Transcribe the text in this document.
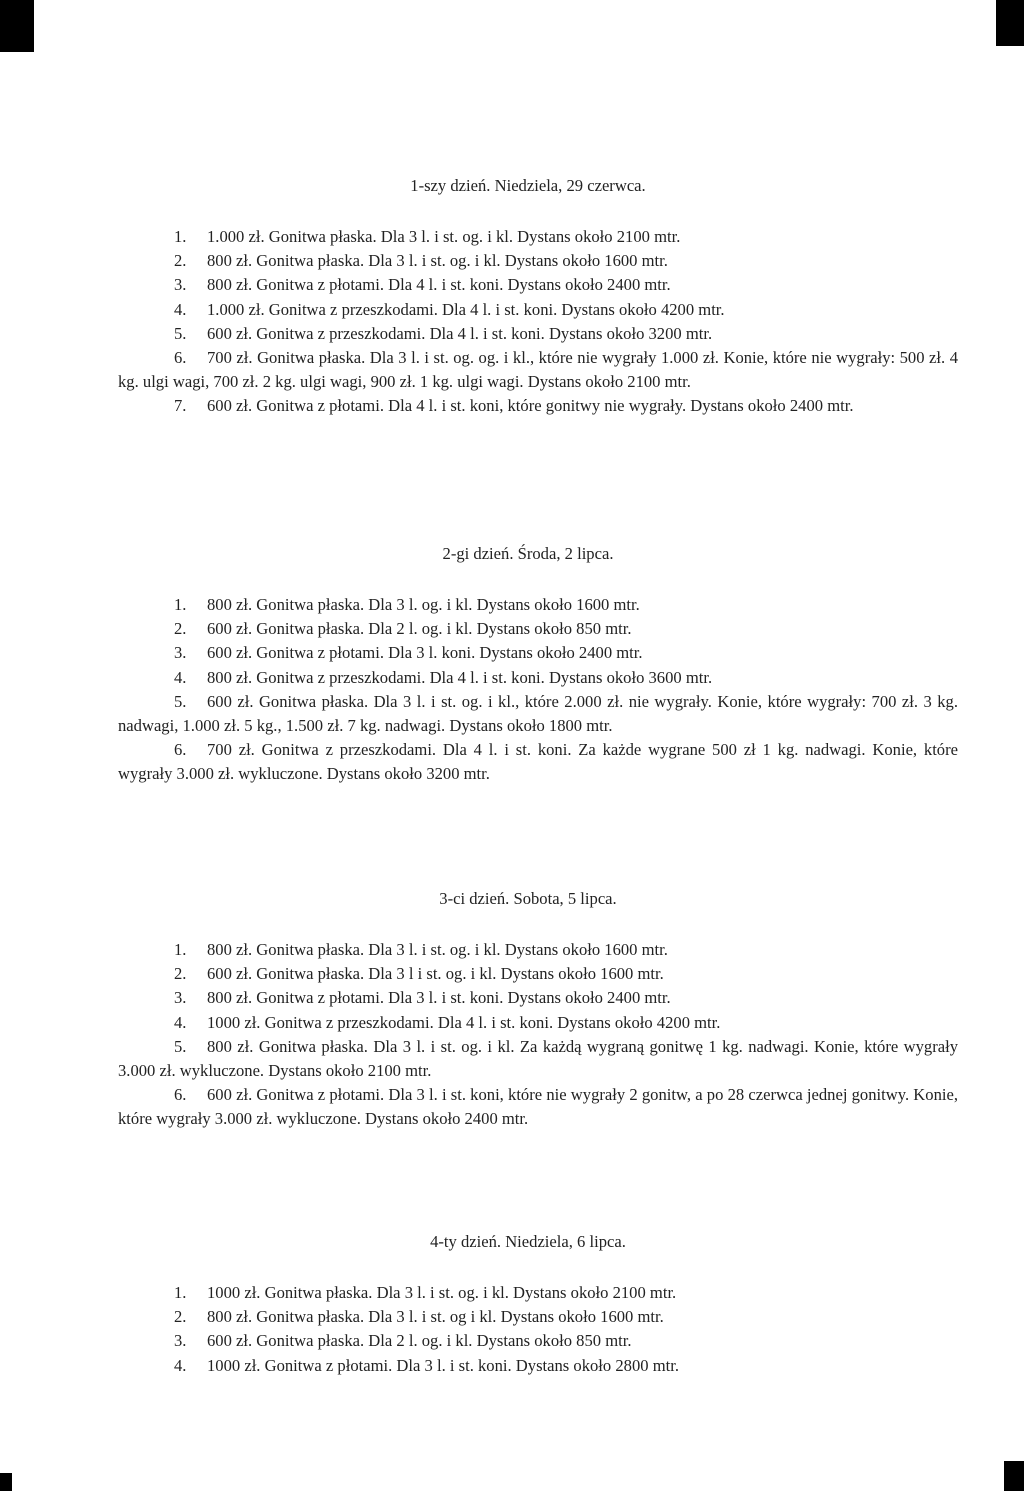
1-szy dzień. Niedziela, 29 czerwca.
1. 1.000 zł. Gonitwa płaska. Dla 3 l. i st. og. i kl. Dystans około 2100 mtr.
2. 800 zł. Gonitwa płaska. Dla 3 l. i st. og. i kl. Dystans około 1600 mtr.
3. 800 zł. Gonitwa z płotami. Dla 4 l. i st. koni. Dystans około 2400 mtr.
4. 1.000 zł. Gonitwa z przeszkodami. Dla 4 l. i st. koni. Dystans około 4200 mtr.
5. 600 zł. Gonitwa z przeszkodami. Dla 4 l. i st. koni. Dystans około 3200 mtr.
6. 700 zł. Gonitwa płaska. Dla 3 l. i st. og. og. i kl., które nie wygrały 1.000 zł. Konie, które nie wygrały: 500 zł. 4 kg. ulgi wagi, 700 zł. 2 kg. ulgi wagi, 900 zł. 1 kg. ulgi wagi. Dystans około 2100 mtr.
7. 600 zł. Gonitwa z płotami. Dla 4 l. i st. koni, które gonitwy nie wygrały. Dystans około 2400 mtr.
2-gi dzień. Środa, 2 lipca.
1. 800 zł. Gonitwa płaska. Dla 3 l. og. i kl. Dystans około 1600 mtr.
2. 600 zł. Gonitwa płaska. Dla 2 l. og. i kl. Dystans około 850 mtr.
3. 600 zł. Gonitwa z płotami. Dla 3 l. koni. Dystans około 2400 mtr.
4. 800 zł. Gonitwa z przeszkodami. Dla 4 l. i st. koni. Dystans około 3600 mtr.
5. 600 zł. Gonitwa płaska. Dla 3 l. i st. og. i kl., które 2.000 zł. nie wygrały. Konie, które wygrały: 700 zł. 3 kg. nadwagi, 1.000 zł. 5 kg., 1.500 zł. 7 kg. nadwagi. Dystans około 1800 mtr.
6. 700 zł. Gonitwa z przeszkodami. Dla 4 l. i st. koni. Za każde wygrane 500 zł 1 kg. nadwagi. Konie, które wygrały 3.000 zł. wykluczone. Dystans około 3200 mtr.
3-ci dzień. Sobota, 5 lipca.
1. 800 zł. Gonitwa płaska. Dla 3 l. i st. og. i kl. Dystans około 1600 mtr.
2. 600 zł. Gonitwa płaska. Dla 3 l i st. og. i kl. Dystans około 1600 mtr.
3. 800 zł. Gonitwa z płotami. Dla 3 l. i st. koni. Dystans około 2400 mtr.
4. 1000 zł. Gonitwa z przeszkodami. Dla 4 l. i st. koni. Dystans około 4200 mtr.
5. 800 zł. Gonitwa płaska. Dla 3 l. i st. og. i kl. Za każdą wygraną gonitwę 1 kg. nadwagi. Konie, które wygrały 3.000 zł. wykluczone. Dystans około 2100 mtr.
6. 600 zł. Gonitwa z płotami. Dla 3 l. i st. koni, które nie wygrały 2 gonitw, a po 28 czerwca jednej gonitwy. Konie, które wygrały 3.000 zł. wykluczone. Dystans około 2400 mtr.
4-ty dzień. Niedziela, 6 lipca.
1. 1000 zł. Gonitwa płaska. Dla 3 l. i st. og. i kl. Dystans około 2100 mtr.
2. 800 zł. Gonitwa płaska. Dla 3 l. i st. og i kl. Dystans około 1600 mtr.
3. 600 zł. Gonitwa płaska. Dla 2 l. og. i kl. Dystans około 850 mtr.
4. 1000 zł. Gonitwa z płotami. Dla 3 l. i st. koni. Dystans około 2800 mtr.
